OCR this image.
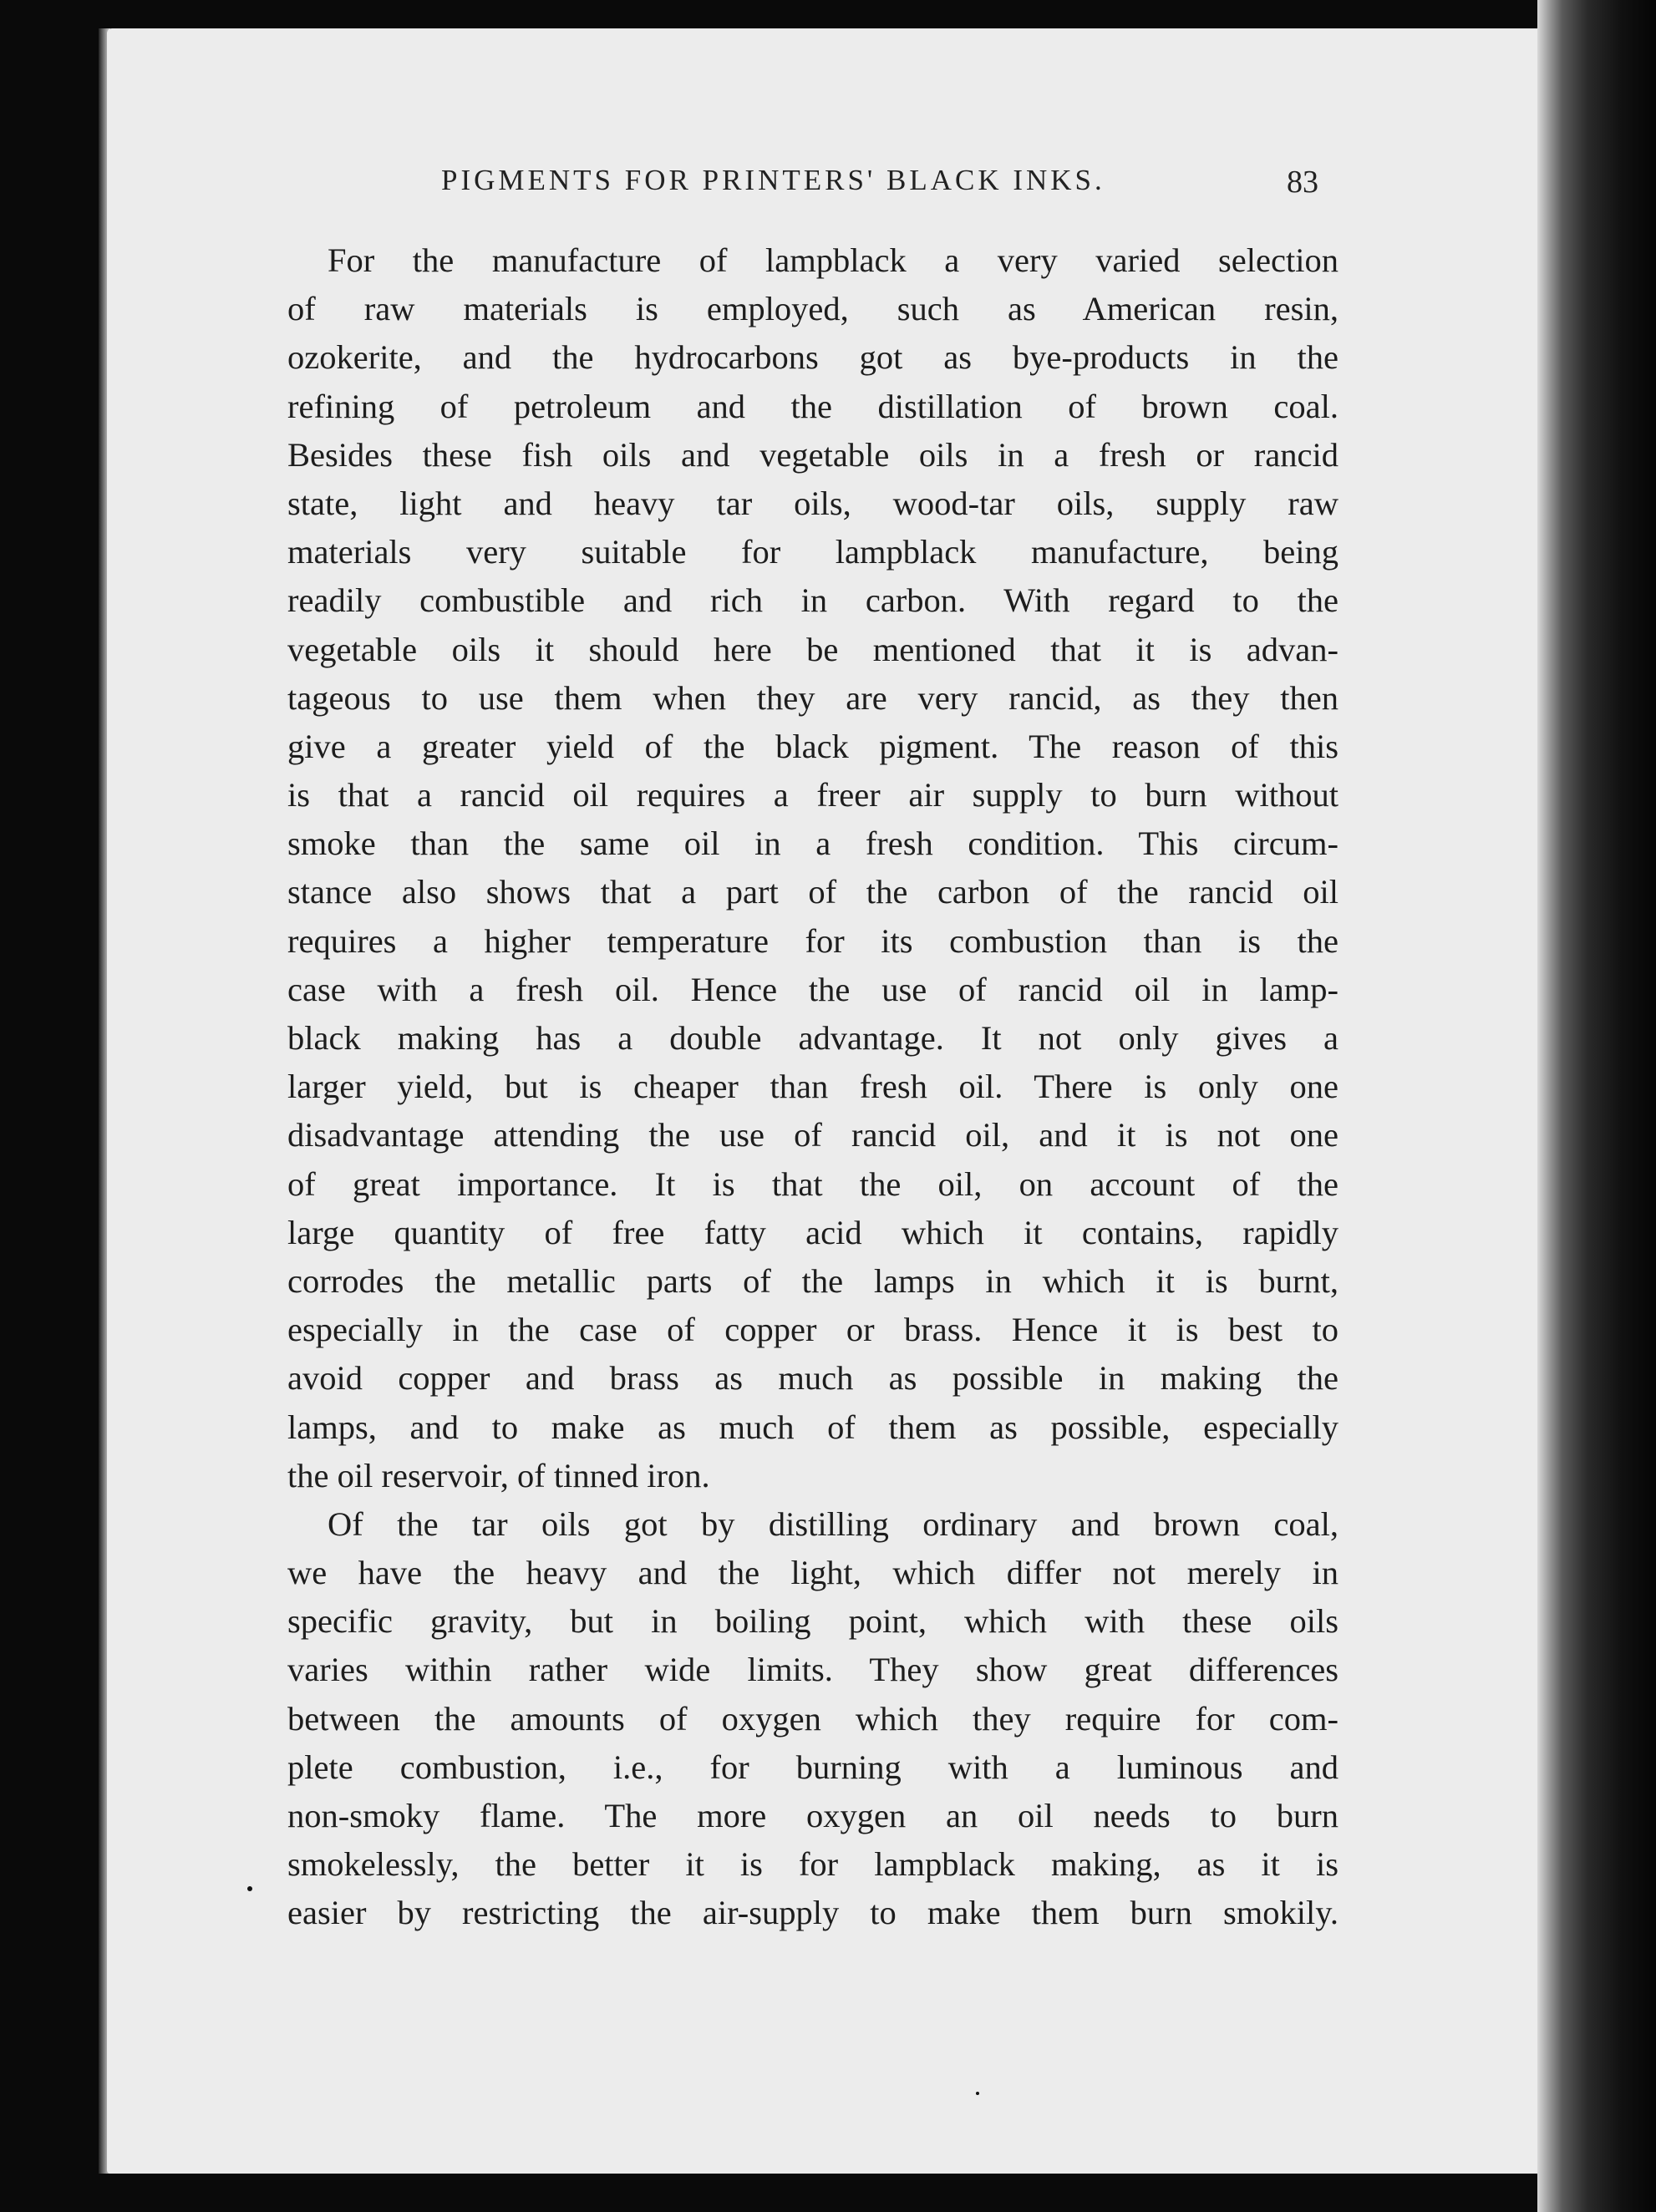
PIGMENTS FOR PRINTERS' BLACK INKS.	83
For the manufacture of lampblack a very varied selection
of raw materials is employed, such as American resin,
ozokerite, and the hydrocarbons got as bye-products in the
refining of petroleum and the distillation of brown coal.
Besides these fish oils and vegetable oils in a fresh or rancid
state, light and heavy tar oils, wood-tar oils, supply raw
materials very suitable for lampblack manufacture, being
readily combustible and rich in carbon. With regard to the
vegetable oils it should here be mentioned that it is advan-
tageous to use them when they are very rancid, as they then
give a greater yield of the black pigment. The reason of this
is that a rancid oil requires a freer air supply to burn without
smoke than the same oil in a fresh condition. This circum-
stance also shows that a part of the carbon of the rancid oil
requires a higher temperature for its combustion than is the
case with a fresh oil. Hence the use of rancid oil in lamp-
black making has a double advantage. It not only gives a
larger yield, but is cheaper than fresh oil. There is only one
disadvantage attending the use of rancid oil, and it is not one
of great importance. It is that the oil, on account of the
large quantity of free fatty acid which it contains, rapidly
corrodes the metallic parts of the lamps in which it is burnt,
especially in the case of copper or brass. Hence it is best to
avoid copper and brass as much as possible in making the
lamps, and to make as much of them as possible, especially
the oil reservoir, of tinned iron.
Of the tar oils got by distilling ordinary and brown coal,
we have the heavy and the light, which differ not merely in
specific gravity, but in boiling point, which with these oils
varies within rather wide limits. They show great differences
between the amounts of oxygen which they require for com-
plete combustion, i.e., for burning with a luminous and
non-smoky flame. The more oxygen an oil needs to burn
smokelessly, the better it is for lampblack making, as it is
easier by restricting the air-supply to make them burn smokily.
